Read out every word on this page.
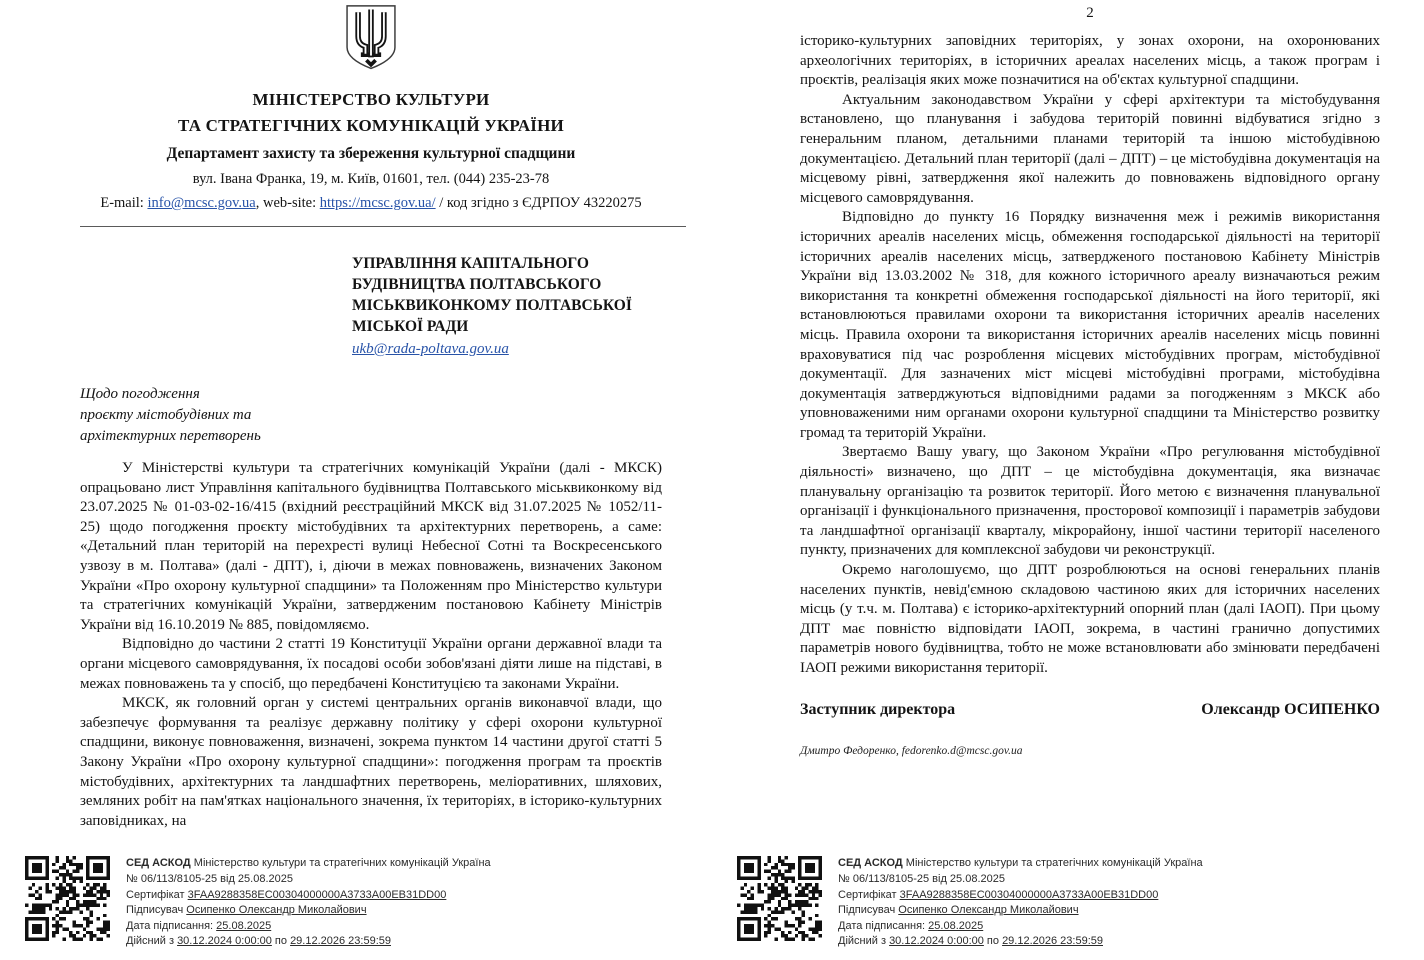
МІНІСТЕРСТВО КУЛЬТУРИ
ТА СТРАТЕГІЧНИХ КОМУНІКАЦІЙ УКРАЇНИ
Департамент захисту та збереження культурної спадщини
вул. Івана Франка, 19, м. Київ, 01601, тел. (044) 235-23-78
E-mail: info@mcsc.gov.ua, web-site: https://mcsc.gov.ua/ / код згідно з ЄДРПОУ 43220275
УПРАВЛІННЯ КАПІТАЛЬНОГО
БУДІВНИЦТВА ПОЛТАВСЬКОГО
МІСЬКВИКОНКОМУ ПОЛТАВСЬКОЇ
МІСЬКОЇ РАДИ
ukb@rada-poltava.gov.ua
Щодо погодження
проєкту містобудівних та
архітектурних перетворень

У Міністерстві культури та стратегічних комунікацій України (далі - МКСК) опрацьовано лист Управління капітального будівництва Полтавського міськвиконкому від 23.07.2025 № 01-03-02-16/415 (вхідний реєстраційний МКСК від 31.07.2025 № 1052/11-25) щодо погодження проєкту містобудівних та архітектурних перетворень, а саме: «Детальний план територій на перехресті вулиці Небесної Сотні та Воскресенського узвозу в м. Полтава» (далі - ДПТ), і, діючи в межах повноважень, визначених Законом України «Про охорону культурної спадщини» та Положенням про Міністерство культури та стратегічних комунікацій України, затвердженим постановою Кабінету Міністрів України від 16.10.2019 № 885, повідомляємо.

Відповідно до частини 2 статті 19 Конституції України органи державної влади та органи місцевого самоврядування, їх посадові особи зобов'язані діяти лише на підставі, в межах повноважень та у спосіб, що передбачені Конституцією та законами України.

МКСК, як головний орган у системі центральних органів виконавчої влади, що забезпечує формування та реалізує державну політику у сфері охорони культурної спадщини, виконує повноваження, визначені, зокрема пунктом 14 частини другої статті 5 Закону України «Про охорону культурної спадщини»: погодження програм та проєктів містобудівних, архітектурних та ландшафтних перетворень, меліоративних, шляхових, земляних робіт на пам'ятках національного значення, їх територіях, в історико-культурних заповідниках, на

СЕД АСКОД Міністерство культури та стратегічних комунікацій Україна
№ 06/113/8105-25 від 25.08.2025
Сертифікат 3FAA9288358EC00304000000A3733A00EB31DD00
Підписувач Осипенко Олександр Миколайович
Дата підписання: 25.08.2025
Дійсний з 30.12.2024 0:00:00 по 29.12.2026 23:59:59
2

історико-культурних заповідних територіях, у зонах охорони, на охоронюваних археологічних територіях, в історичних ареалах населених місць, а також програм і проєктів, реалізація яких може позначитися на об'єктах культурної спадщини.

Актуальним законодавством України у сфері архітектури та містобудування встановлено, що планування і забудова територій повинні відбуватися згідно з генеральним планом, детальними планами територій та іншою містобудівною документацією. Детальний план території (далі – ДПТ) – це містобудівна документація на місцевому рівні, затвердження якої належить до повноважень відповідного органу місцевого самоврядування.

Відповідно до пункту 16 Порядку визначення меж і режимів використання історичних ареалів населених місць, обмеження господарської діяльності на території історичних ареалів населених місць, затвердженого постановою Кабінету Міністрів України від 13.03.2002 № 318, для кожного історичного ареалу визначаються режим використання та конкретні обмеження господарської діяльності на його території, які встановлюються правилами охорони та використання історичних ареалів населених місць. Правила охорони та використання історичних ареалів населених місць повинні враховуватися під час розроблення місцевих містобудівних програм, містобудівної документації. Для зазначених міст місцеві містобудівні програми, містобудівна документація затверджуються відповідними радами за погодженням з МКСК або уповноваженими ним органами охорони культурної спадщини та Міністерство розвитку громад та територій України.

Звертаємо Вашу увагу, що Законом України «Про регулювання містобудівної діяльності» визначено, що ДПТ – це містобудівна документація, яка визначає планувальну організацію та розвиток території. Його метою є визначення планувальної організації і функціонального призначення, просторової композиції і параметрів забудови та ландшафтної організації кварталу, мікрорайону, іншої частини території населеного пункту, призначених для комплексної забудови чи реконструкції.

Окремо наголошуємо, що ДПТ розроблюються на основі генеральних планів населених пунктів, невід'ємною складовою частиною яких для історичних населених місць (у т.ч. м. Полтава) є історико-архітектурний опорний план (далі ІАОП). При цьому ДПТ має повністю відповідати ІАОП, зокрема, в частині гранично допустимих параметрів нового будівництва, тобто не може встановлювати або змінювати передбачені ІАОП режими використання території.

Заступник директора	Олександр ОСИПЕНКО
Дмитро Федоренко, fedorenko.d@mcsc.gov.ua
СЕД АСКОД Міністерство культури та стратегічних комунікацій Україна
№ 06/113/8105-25 від 25.08.2025
Сертифікат 3FAA9288358EC00304000000A3733A00EB31DD00
Підписувач Осипенко Олександр Миколайович
Дата підписання: 25.08.2025
Дійсний з 30.12.2024 0:00:00 по 29.12.2026 23:59:59
